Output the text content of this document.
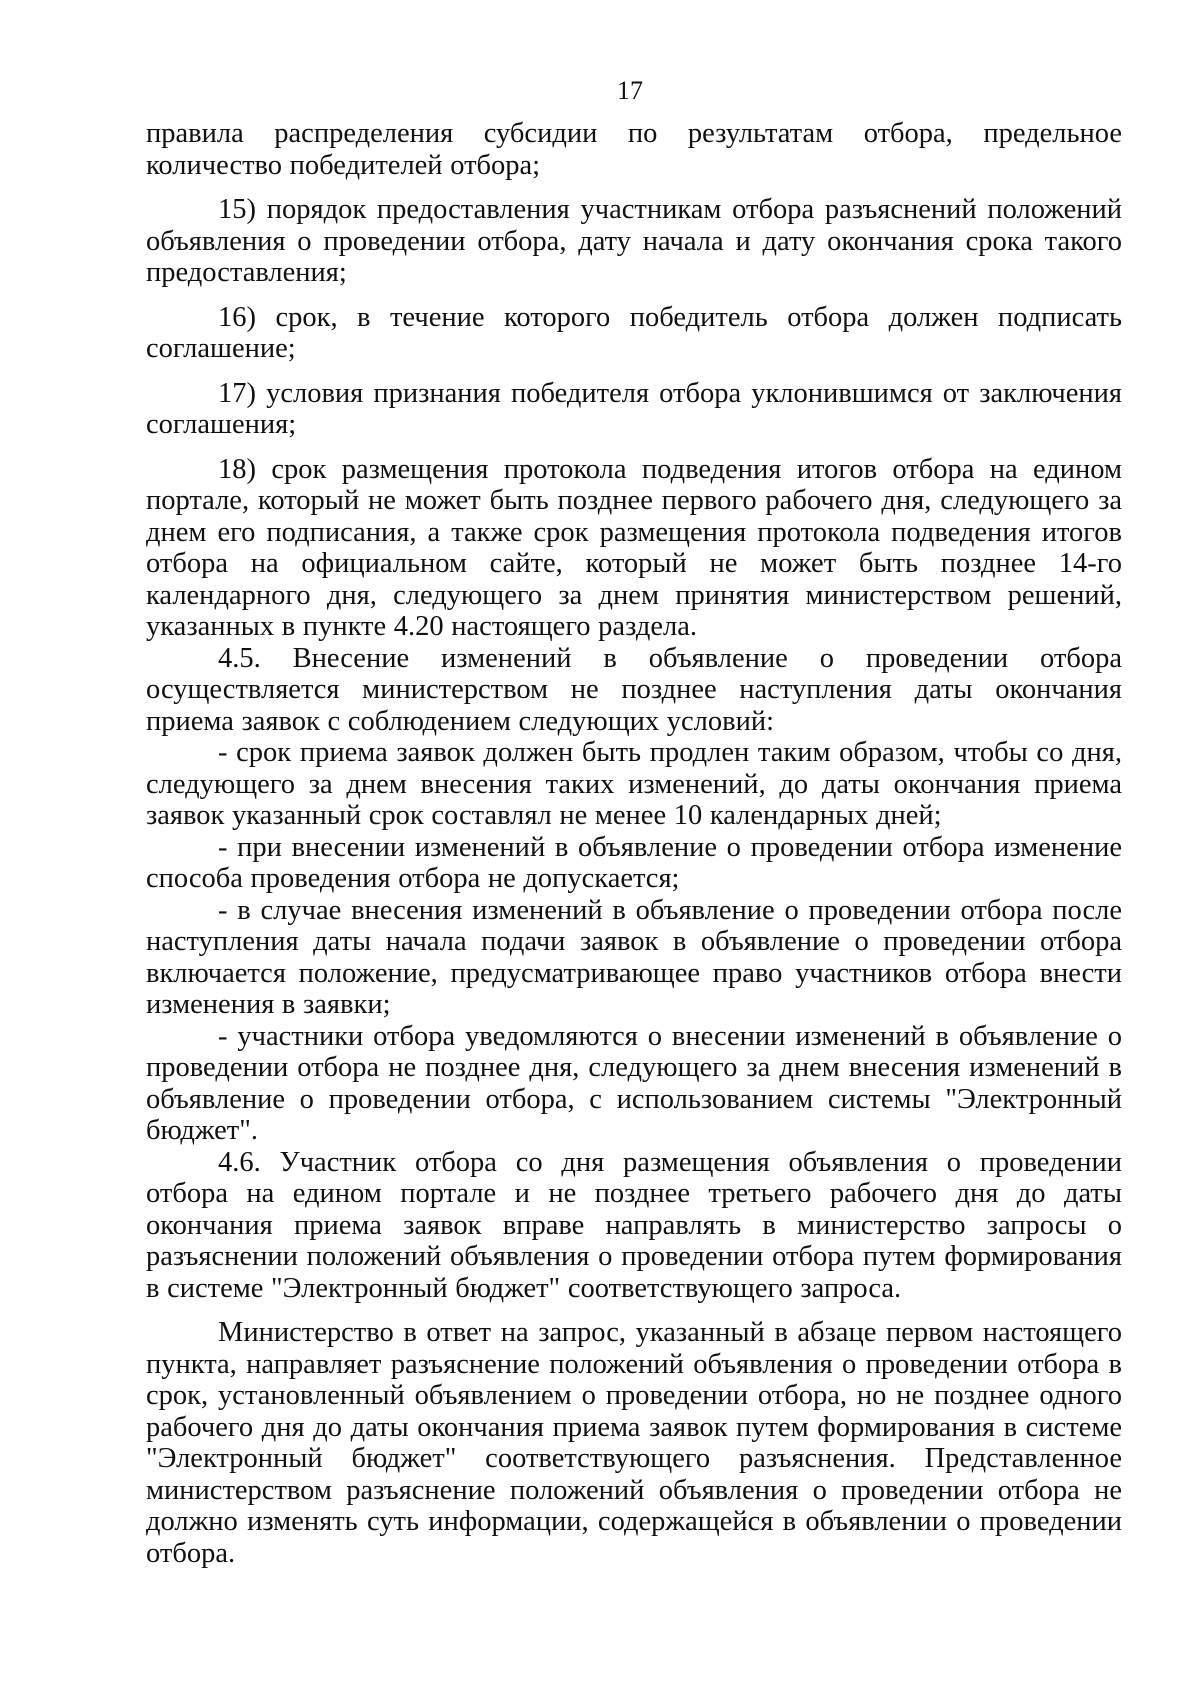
17

правила распределения субсидии по результатам отбора, предельное количество победителей отбора;

15) порядок предоставления участникам отбора разъяснений положений объявления о проведении отбора, дату начала и дату окончания срока такого предоставления;

16) срок, в течение которого победитель отбора должен подписать соглашение;

17) условия признания победителя отбора уклонившимся от заключения соглашения;

18) срок размещения протокола подведения итогов отбора на едином портале, который не может быть позднее первого рабочего дня, следующего за днем его подписания, а также срок размещения протокола подведения итогов отбора на официальном сайте, который не может быть позднее 14-го календарного дня, следующего за днем принятия министерством решений, указанных в пункте 4.20 настоящего раздела.

4.5. Внесение изменений в объявление о проведении отбора осуществляется министерством не позднее наступления даты окончания приема заявок с соблюдением следующих условий:

- срок приема заявок должен быть продлен таким образом, чтобы со дня, следующего за днем внесения таких изменений, до даты окончания приема заявок указанный срок составлял не менее 10 календарных дней;

- при внесении изменений в объявление о проведении отбора изменение способа проведения отбора не допускается;

- в случае внесения изменений в объявление о проведении отбора после наступления даты начала подачи заявок в объявление о проведении отбора включается положение, предусматривающее право участников отбора внести изменения в заявки;

- участники отбора уведомляются о внесении изменений в объявление о проведении отбора не позднее дня, следующего за днем внесения изменений в объявление о проведении отбора, с использованием системы "Электронный бюджет".

4.6. Участник отбора со дня размещения объявления о проведении отбора на едином портале и не позднее третьего рабочего дня до даты окончания приема заявок вправе направлять в министерство запросы о разъяснении положений объявления о проведении отбора путем формирования в системе "Электронный бюджет" соответствующего запроса.

Министерство в ответ на запрос, указанный в абзаце первом настоящего пункта, направляет разъяснение положений объявления о проведении отбора в срок, установленный объявлением о проведении отбора, но не позднее одного рабочего дня до даты окончания приема заявок путем формирования в системе "Электронный бюджет" соответствующего разъяснения. Представленное министерством разъяснение положений объявления о проведении отбора не должно изменять суть информации, содержащейся в объявлении о проведении отбора.
